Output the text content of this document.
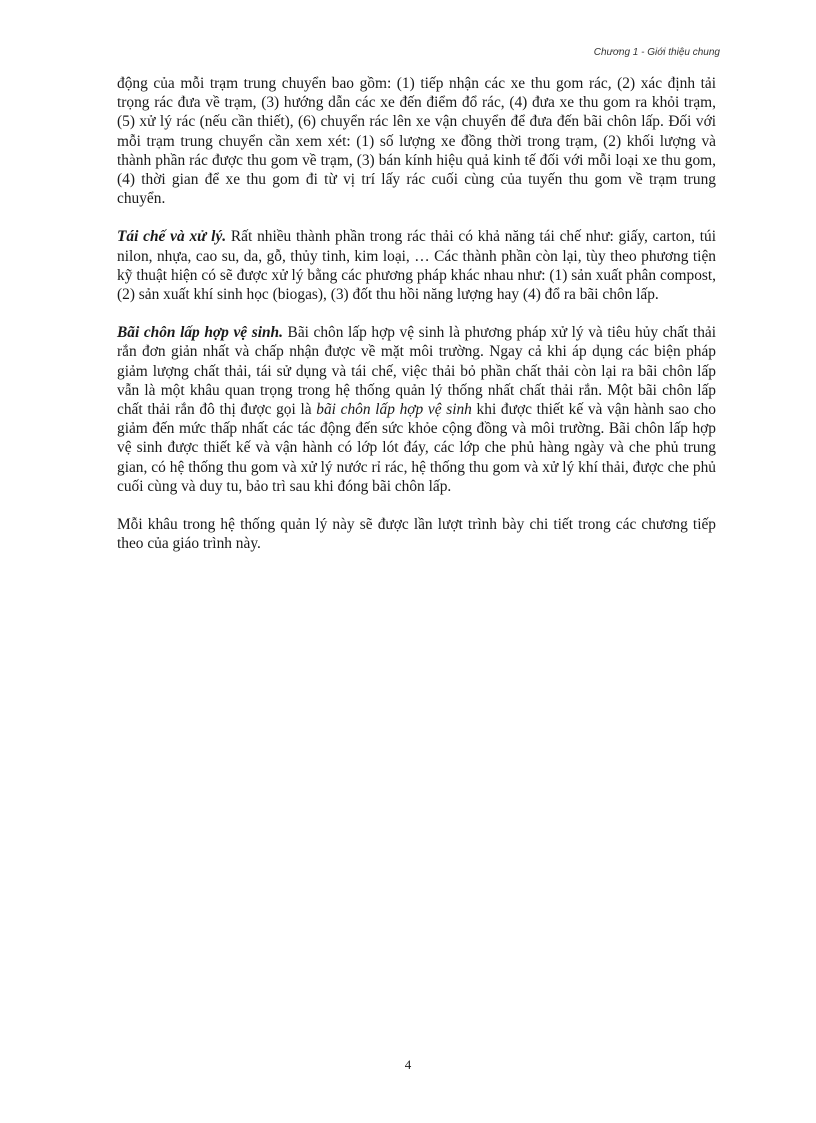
Chương 1 - Giới thiệu chung

động của mỗi trạm trung chuyển bao gồm: (1) tiếp nhận các xe thu gom rác, (2) xác định tải trọng rác đưa về trạm, (3) hướng dẫn các xe đến điểm đổ rác, (4) đưa xe thu gom ra khỏi trạm, (5) xử lý rác (nếu cần thiết), (6) chuyển rác lên xe vận chuyển để đưa đến bãi chôn lấp. Đối với mỗi trạm trung chuyển cần xem xét: (1) số lượng xe đồng thời trong trạm, (2) khối lượng và thành phần rác được thu gom về trạm, (3) bán kính hiệu quả kinh tế đối với mỗi loại xe thu gom, (4) thời gian để xe thu gom đi từ vị trí lấy rác cuối cùng của tuyến thu gom về trạm trung chuyển.

Tái chế và xử lý. Rất nhiều thành phần trong rác thải có khả năng tái chế như: giấy, carton, túi nilon, nhựa, cao su, da, gỗ, thủy tinh, kim loại, … Các thành phần còn lại, tùy theo phương tiện kỹ thuật hiện có sẽ được xử lý bằng các phương pháp khác nhau như: (1) sản xuất phân compost, (2) sản xuất khí sinh học (biogas), (3) đốt thu hồi năng lượng hay (4) đổ ra bãi chôn lấp.

Bãi chôn lấp hợp vệ sinh. Bãi chôn lấp hợp vệ sinh là phương pháp xử lý và tiêu hủy chất thải rắn đơn giản nhất và chấp nhận được về mặt môi trường. Ngay cả khi áp dụng các biện pháp giảm lượng chất thải, tái sử dụng và tái chế, việc thải bỏ phần chất thải còn lại ra bãi chôn lấp vẫn là một khâu quan trọng trong hệ thống quản lý thống nhất chất thải rắn. Một bãi chôn lấp chất thải rắn đô thị được gọi là bãi chôn lấp hợp vệ sinh khi được thiết kế và vận hành sao cho giảm đến mức thấp nhất các tác động đến sức khỏe cộng đồng và môi trường. Bãi chôn lấp hợp vệ sinh được thiết kế và vận hành có lớp lót đáy, các lớp che phủ hàng ngày và che phủ trung gian, có hệ thống thu gom và xử lý nước rỉ rác, hệ thống thu gom và xử lý khí thải, được che phủ cuối cùng và duy tu, bảo trì sau khi đóng bãi chôn lấp.

Mỗi khâu trong hệ thống quản lý này sẽ được lần lượt trình bày chi tiết trong các chương tiếp theo của giáo trình này.

4
